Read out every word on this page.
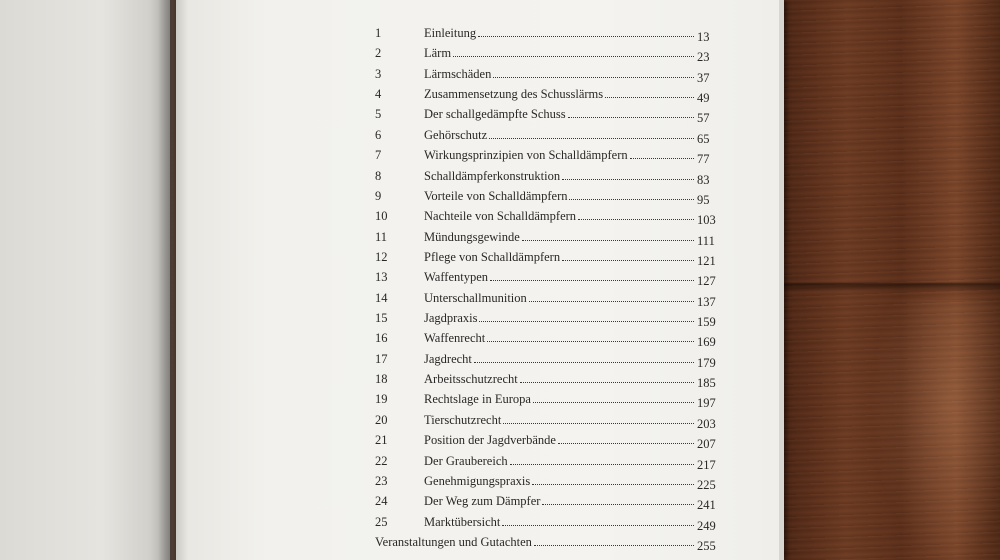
1	Einleitung	13
2	Lärm	23
3	Lärmschäden	37
4	Zusammensetzung des Schusslärms	49
5	Der schallgedämpfte Schuss	57
6	Gehörschutz	65
7	Wirkungsprinzipien von Schalldämpfern	77
8	Schalldämpferkonstruktion	83
9	Vorteile von Schalldämpfern	95
10	Nachteile von Schalldämpfern	103
11	Mündungsgewinde	111
12	Pflege von Schalldämpfern	121
13	Waffentypen	127
14	Unterschallmunition	137
15	Jagdpraxis	159
16	Waffenrecht	169
17	Jagdrecht	179
18	Arbeitsschutzrecht	185
19	Rechtslage in Europa	197
20	Tierschutzrecht	203
21	Position der Jagdverbände	207
22	Der Graubereich	217
23	Genehmigungspraxis	225
24	Der Weg zum Dämpfer	241
25	Marktübersicht	249
Veranstaltungen und Gutachten	255
